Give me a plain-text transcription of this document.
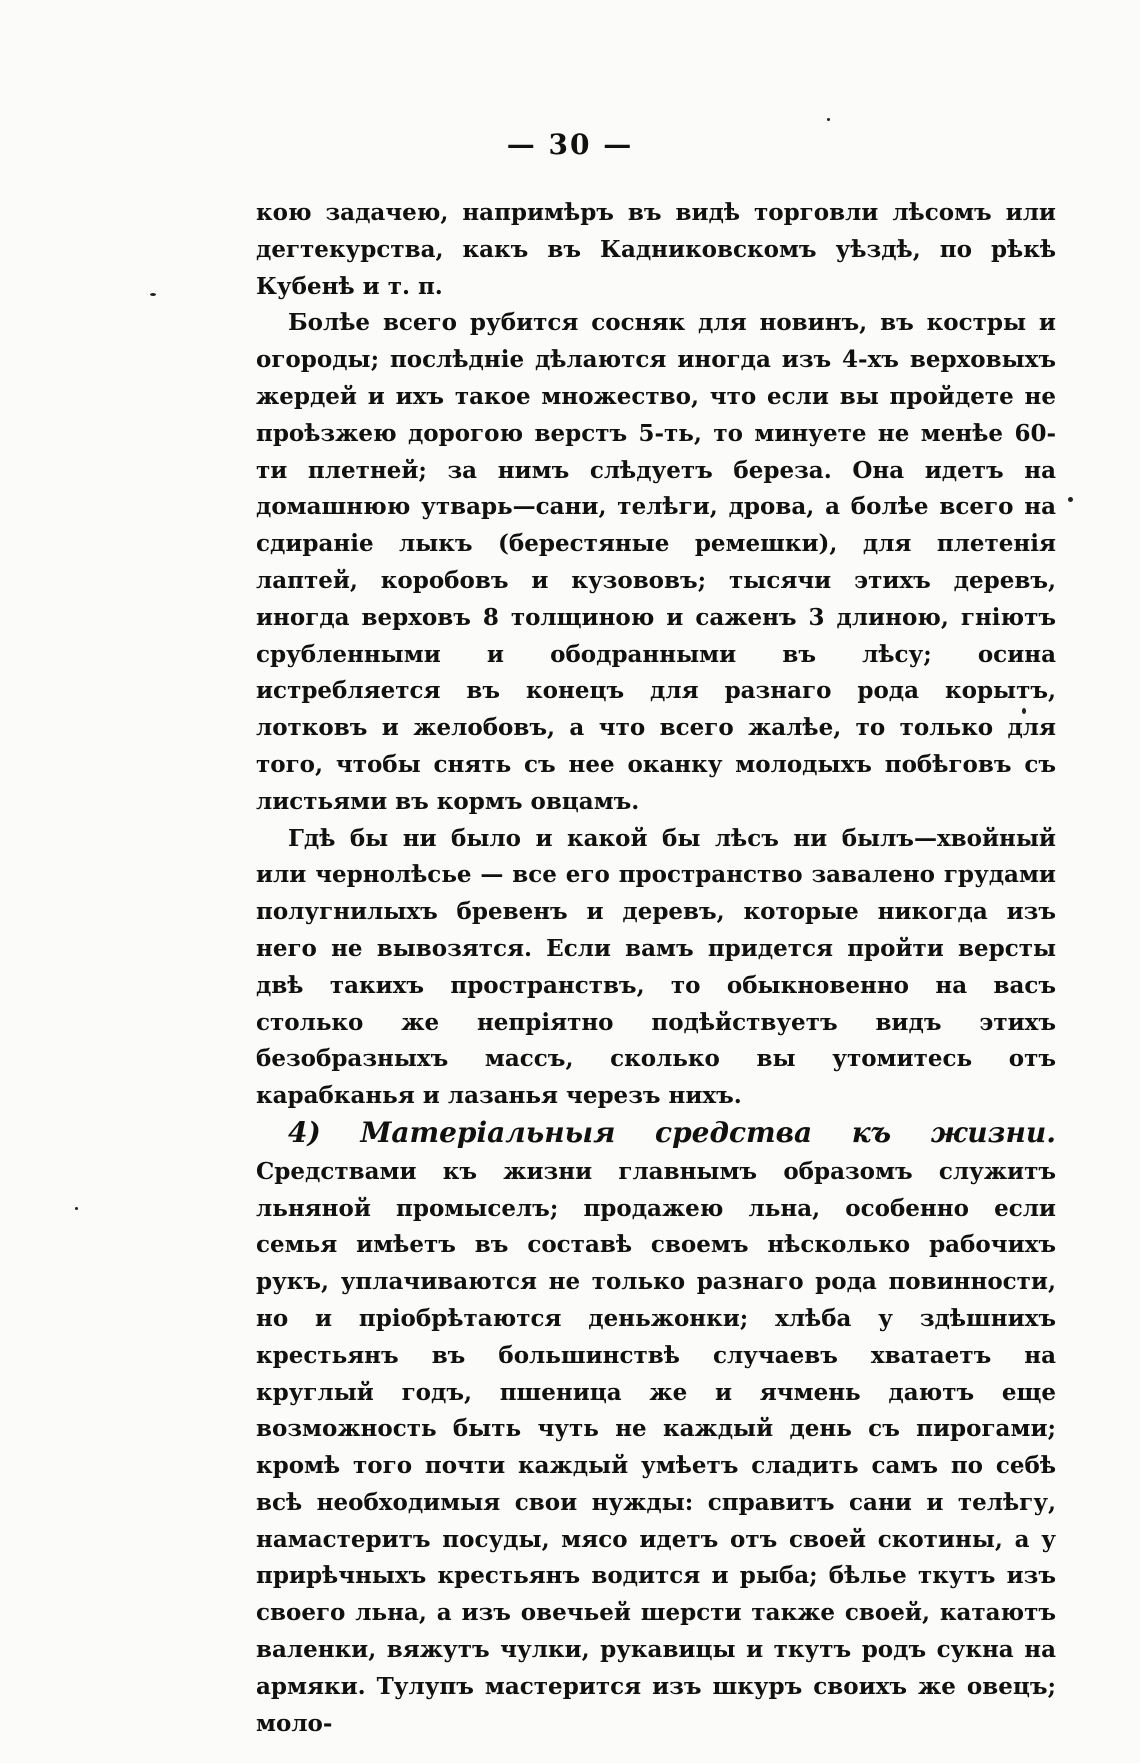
— 30 —

кою задачею, напримѣръ въ видѣ торговли лѣсомъ или дегтекурства, какъ въ Кадниковскомъ уѣздѣ, по рѣкѣ Кубенѣ и т. п.

Болѣе всего рубится сосняк для новинъ, въ костры и огороды; послѣдніе дѣлаются иногда изъ 4-хъ верховыхъ жердей и ихъ такое множество, что если вы пройдете не проѣзжею дорогою верстъ 5-ть, то минуете не менѣе 60-ти плетней; за нимъ слѣдуетъ береза. Она идетъ на домашнюю утварь—сани, телѣги, дрова, а болѣе всего на сдиранiе лыкъ (берестяные ремешки), для плетенія лаптей, коробовъ и кузововъ; тысячи этихъ деревъ, иногда верховъ 8 толщиною и саженъ 3 длиною, гніютъ срубленными и ободранными въ лѣсу; осина истребляется въ конецъ для разнаго рода корытъ, лотковъ и желобовъ, а что всего жалѣе, то только для того, чтобы снять съ нее оканку молодыхъ побѣговъ съ листьями въ кормъ овцамъ.

Гдѣ бы ни было и какой бы лѣсъ ни былъ—хвойный или чернолѣсье — все его пространство завалено грудами полугнилыхъ бревенъ и деревъ, которые никогда изъ него не вывозятся. Если вамъ придется пройти версты двѣ такихъ пространствъ, то обыкновенно на васъ столько же непріятно подѣйствуетъ видъ этихъ безобразныхъ массъ, сколько вы утомитесь отъ карабканья и лазанья черезъ нихъ.

4) Матеріальныя средства къ жизни. Средствами къ жизни главнымъ образомъ служитъ льняной промыселъ; продажею льна, особенно если семья имѣетъ въ составѣ своемъ нѣсколько рабочихъ рукъ, уплачиваются не только разнаго рода повинности, но и пріобрѣтаются деньжонки; хлѣба у здѣшнихъ крестьянъ въ большинствѣ случаевъ хватаетъ на круглый годъ, пшеница же и ячмень даютъ еще возможность быть чуть не каждый день съ пирогами; кромѣ того почти каждый умѣетъ сладить самъ по себѣ всѣ необходимыя свои нужды: справитъ сани и телѣгу, намастеритъ посуды, мясо идетъ отъ своей скотины, а у прирѣчныхъ крестьянъ водится и рыба; бѣлье ткутъ изъ своего льна, а изъ овечьей шерсти также своей, катаютъ валенки, вяжутъ чулки, рукавицы и ткутъ родъ сукна на армяки. Тулупъ мастерится изъ шкуръ своихъ же овецъ; моло-
